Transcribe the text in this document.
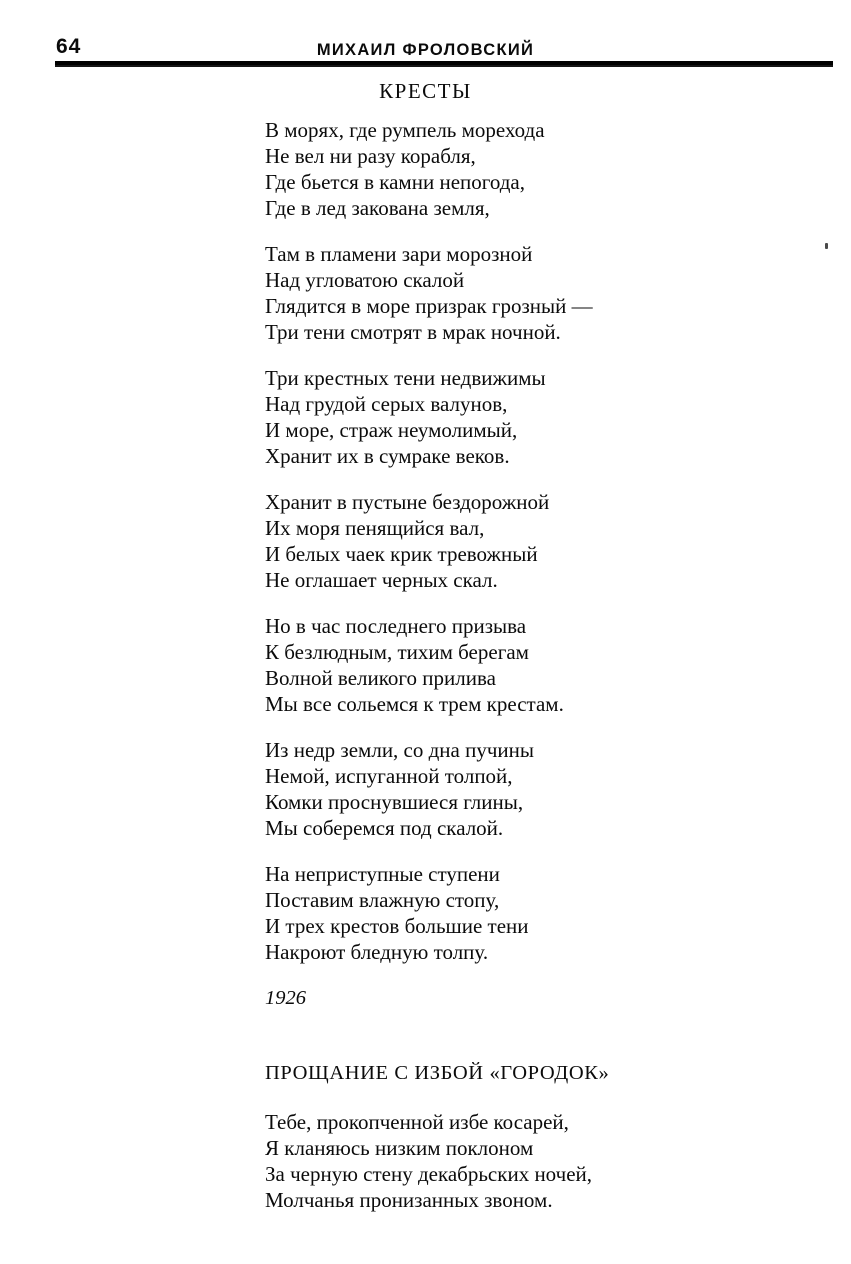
64	МИХАИЛ ФРОЛОВСКИЙ
КРЕСТЫ
В морях, где румпель морехода
Не вел ни разу корабля,
Где бьется в камни непогода,
Где в лед закована земля,
Там в пламени зари морозной
Над угловатою скалой
Глядится в море призрак грозный —
Три тени смотрят в мрак ночной.
Три крестных тени недвижимы
Над грудой серых валунов,
И море, страж неумолимый,
Хранит их в сумраке веков.
Хранит в пустыне бездорожной
Их моря пенящийся вал,
И белых чаек крик тревожный
Не оглашает черных скал.
Но в час последнего призыва
К безлюдным, тихим берегам
Волной великого прилива
Мы все сольемся к трем крестам.
Из недр земли, со дна пучины
Немой, испуганной толпой,
Комки проснувшиеся глины,
Мы соберемся под скалой.
На неприступные ступени
Поставим влажную стопу,
И трех крестов большие тени
Накроют бледную толпу.
1926
ПРОЩАНИЕ С ИЗБОЙ «ГОРОДОК»
Тебе, прокопченной избе косарей,
Я кланяюсь низким поклоном
За черную стену декабрьских ночей,
Молчанья пронизанных звоном.
